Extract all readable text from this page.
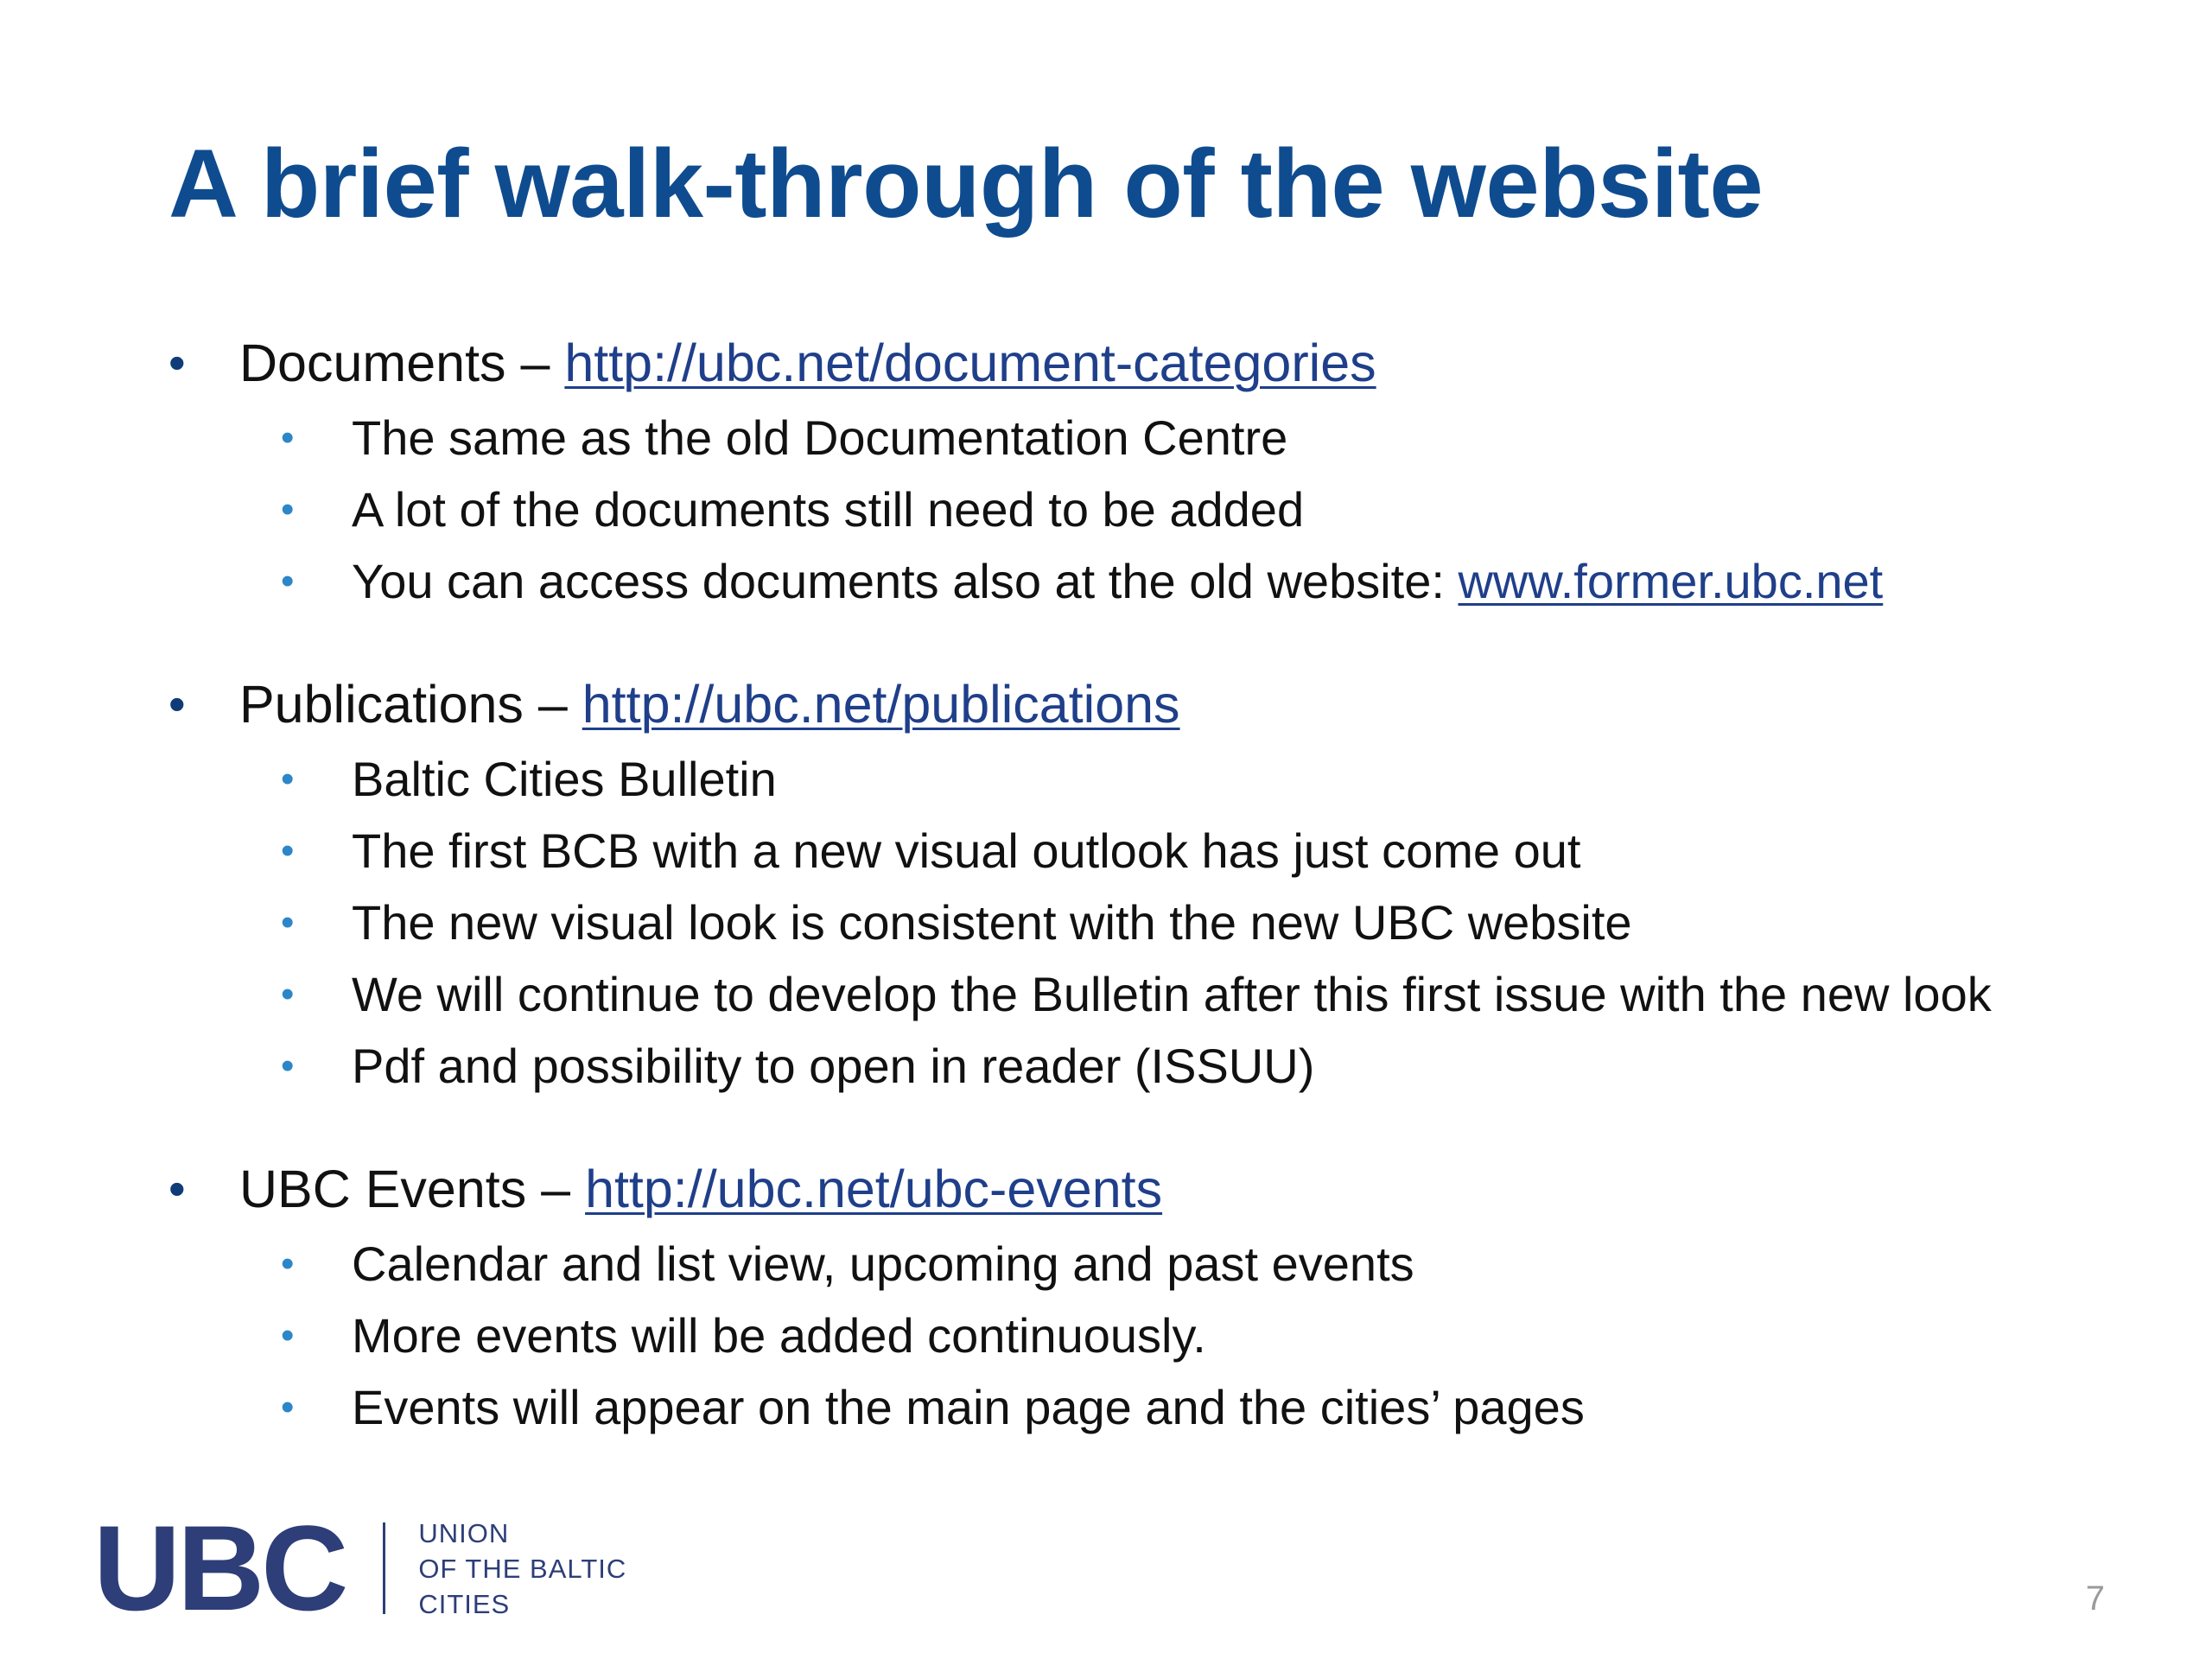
A brief walk-through of the website
• Documents – http://ubc.net/document-categories
• The same as the old Documentation Centre
• A lot of the documents still need to be added
• You can access documents also at the old website: www.former.ubc.net
• Publications – http://ubc.net/publications
• Baltic Cities Bulletin
• The first BCB with a new visual outlook has just come out
• The new visual look is consistent with the new UBC website
• We will continue to develop the Bulletin after this first issue with the new look
• Pdf and possibility to open in reader (ISSUU)
• UBC Events – http://ubc.net/ubc-events
• Calendar and list view, upcoming and past events
• More events will be added continuously.
• Events will appear on the main page and the cities’ pages
UBC	UNION
OF THE BALTIC
CITIES	7
